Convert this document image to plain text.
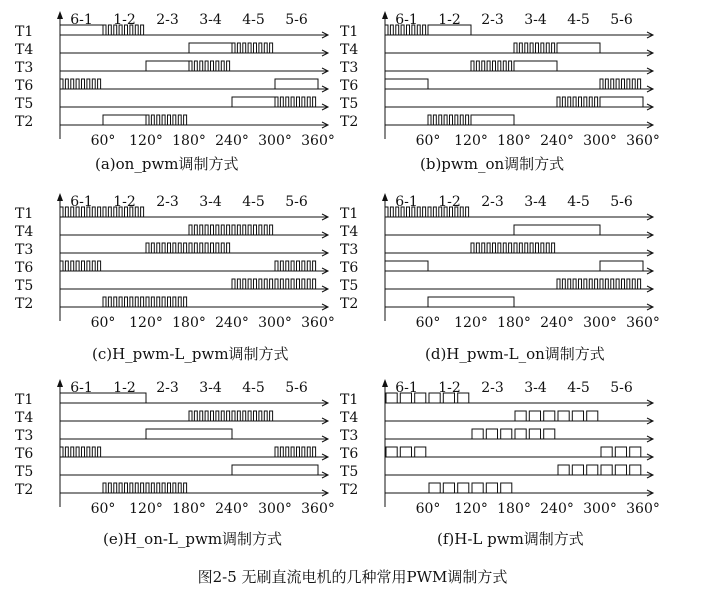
6-1 1-2 2-3 3-4 4-5 5-6
T1
T4
T3
T6
T5
T2
60° 120° 180° 240° 300° 360°
6-1 1-2 2-3 3-4 4-5 5-6
T1
T4
T3
T6
T5
T2
60° 120° 180° 240° 300° 360°
6-1 1-2 2-3 3-4 4-5 5-6
T1
T4
T3
T6
T5
T2
60° 120° 180° 240° 300° 360°
6-1 1-2 2-3 3-4 4-5 5-6
T1
T4
T3
T6
T5
T2
60° 120° 180° 240° 300° 360°
6-1 1-2 2-3 3-4 4-5 5-6
T1
T4
T3
T6
T5
T2
60° 120° 180° 240° 300° 360°
6-1 1-2 2-3 3-4 4-5 5-6
T1
T4
T3
T6
T5
T2
60° 120° 180° 240° 300° 360°
(a)on_pwm调制方式	(b)pwm_on调制方式
(c)H_pwm-L_pwm调制方式	(d)H_pwm-L_on调制方式
(e)H_on-L_pwm调制方式	(f)H-L pwm调制方式
图2-5 无刷直流电机的几种常用PWM调制方式
